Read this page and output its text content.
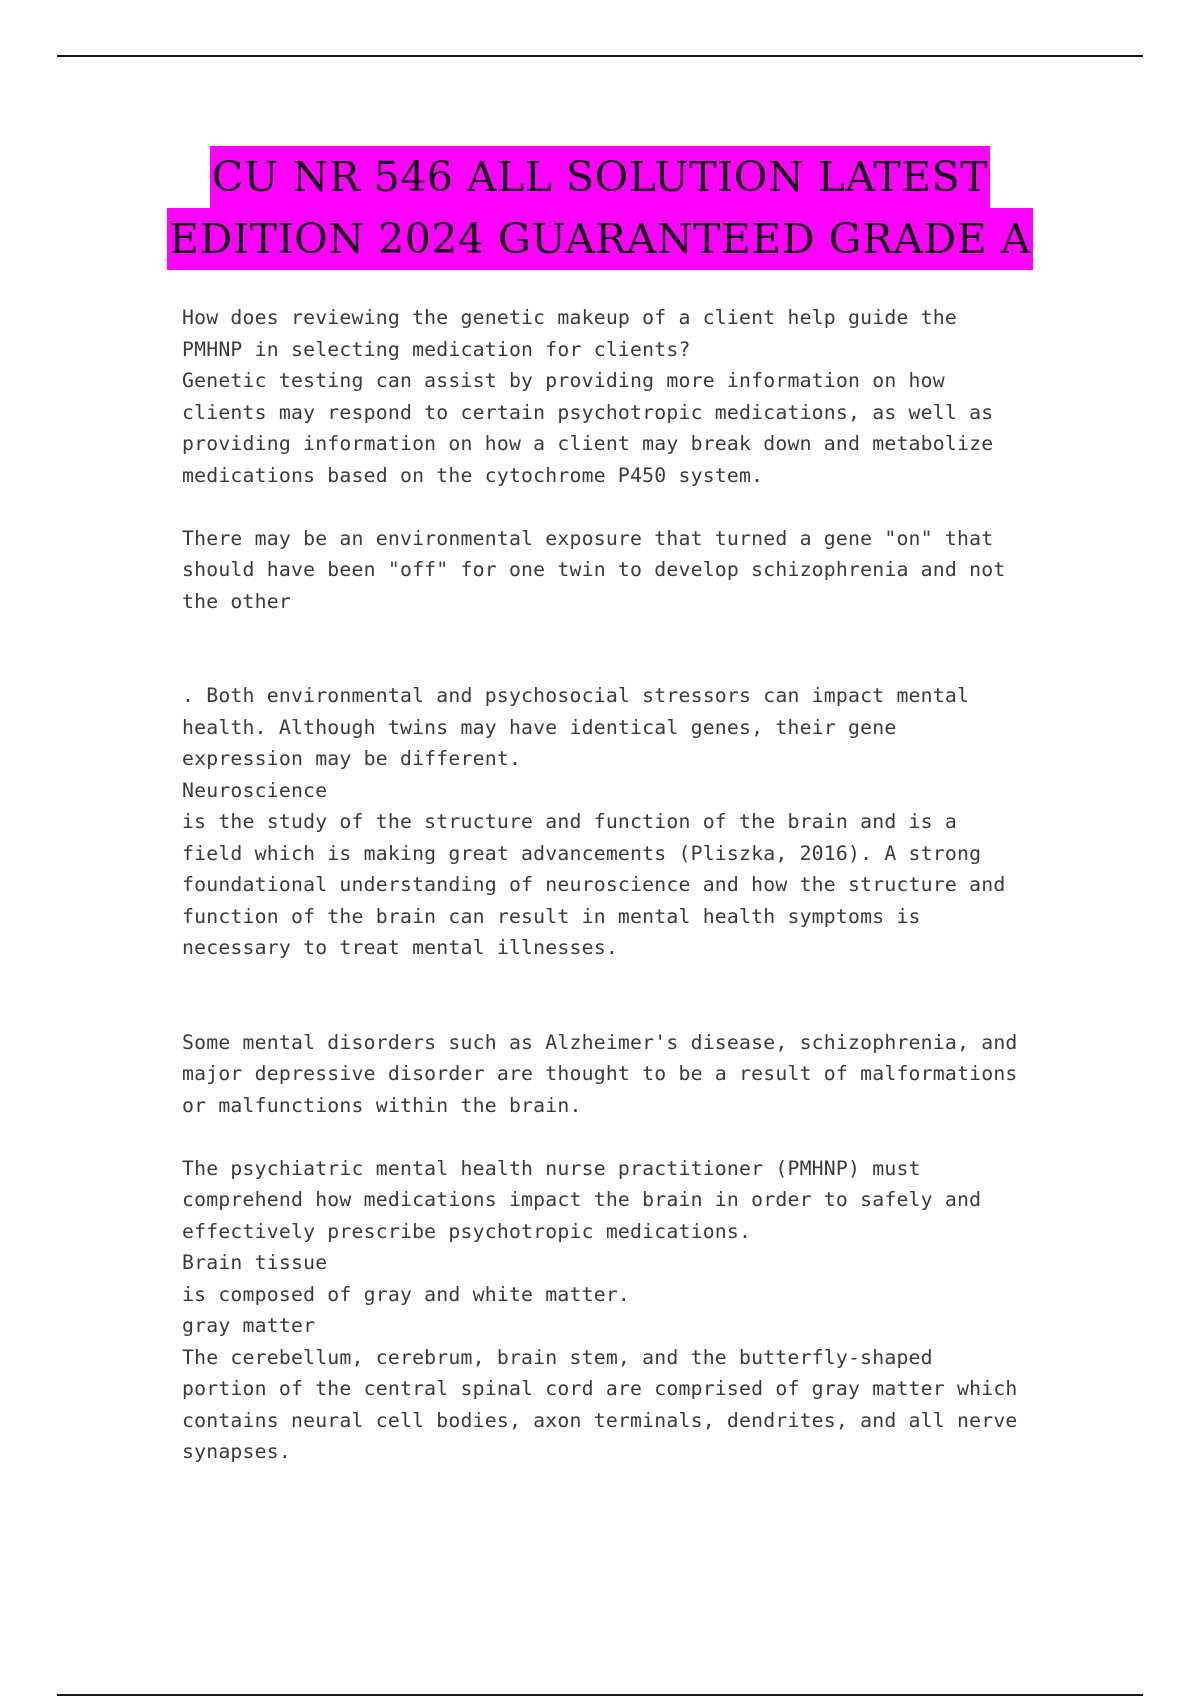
CU NR 546 ALL SOLUTION LATEST
EDITION 2024 GUARANTEED GRADE A

How does reviewing the genetic makeup of a client help guide the
PMHNP in selecting medication for clients?

Genetic testing can assist by providing more information on how
clients may respond to certain psychotropic medications, as well as
providing information on how a client may break down and metabolize
medications based on the cytochrome P450 system.

There may be an environmental exposure that turned a gene "on" that
should have been "off" for one twin to develop schizophrenia and not
the other

. Both environmental and psychosocial stressors can impact mental
health. Although twins may have identical genes, their gene
expression may be different.

Neuroscience

is the study of the structure and function of the brain and is a
field which is making great advancements (Pliszka, 2016). A strong
foundational understanding of neuroscience and how the structure and
function of the brain can result in mental health symptoms is
necessary to treat mental illnesses.

Some mental disorders such as Alzheimer's disease, schizophrenia, and
major depressive disorder are thought to be a result of malformations
or malfunctions within the brain.

The psychiatric mental health nurse practitioner (PMHNP) must
comprehend how medications impact the brain in order to safely and
effectively prescribe psychotropic medications.

Brain tissue

is composed of gray and white matter.

gray matter

The cerebellum, cerebrum, brain stem, and the butterfly-shaped
portion of the central spinal cord are comprised of gray matter which
contains neural cell bodies, axon terminals, dendrites, and all nerve
synapses.
